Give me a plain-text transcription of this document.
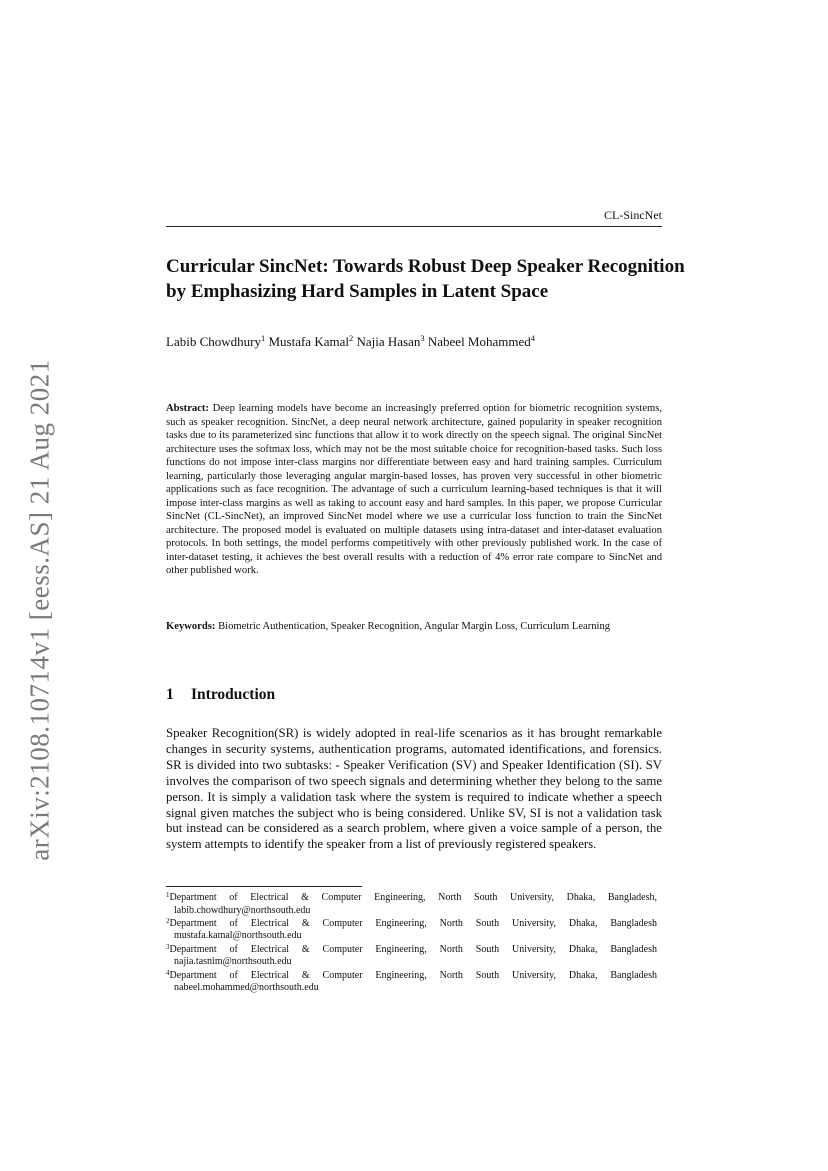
arXiv:2108.10714v1 [eess.AS] 21 Aug 2021
CL-SincNet
Curricular SincNet: Towards Robust Deep Speaker Recognition by Emphasizing Hard Samples in Latent Space
Labib Chowdhury$^1$ Mustafa Kamal$^2$ Najia Hasan$^3$ Nabeel Mohammed$^4$

Abstract: Deep learning models have become an increasingly preferred option for biometric recognition systems, such as speaker recognition. SincNet, a deep neural network architecture, gained popularity in speaker recognition tasks due to its parameterized sinc functions that allow it to work directly on the speech signal. The original SincNet architecture uses the softmax loss, which may not be the most suitable choice for recognition-based tasks. Such loss functions do not impose inter-class margins nor differentiate between easy and hard training samples. Curriculum learning, particularly those leveraging angular margin-based losses, has proven very successful in other biometric applications such as face recognition. The advantage of such a curriculum learning-based techniques is that it will impose inter-class margins as well as taking to account easy and hard samples. In this paper, we propose Curricular SincNet (CL-SincNet), an improved SincNet model where we use a curricular loss function to train the SincNet architecture. The proposed model is evaluated on multiple datasets using intra-dataset and inter-dataset evaluation protocols. In both settings, the model performs competitively with other previously published work. In the case of inter-dataset testing, it achieves the best overall results with a reduction of 4% error rate compare to SincNet and other published work.

Keywords: Biometric Authentication, Speaker Recognition, Angular Margin Loss, Curriculum Learning

1 Introduction

Speaker Recognition(SR) is widely adopted in real-life scenarios as it has brought remarkable changes in security systems, authentication programs, automated identifications, and forensics. SR is divided into two subtasks: - Speaker Verification (SV) and Speaker Identification (SI). SV involves the comparison of two speech signals and determining whether they belong to the same person. It is simply a validation task where the system is required to indicate whether a speech signal given matches the subject who is being considered. Unlike SV, SI is not a validation task but instead can be considered as a search problem, where given a voice sample of a person, the system attempts to identify the speaker from a list of previously registered speakers.

$^1$Department of Electrical & Computer Engineering, North South University, Dhaka, Bangladesh, labib.chowdhury@northsouth.edu

$^2$Department of Electrical & Computer Engineering, North South University, Dhaka, Bangladesh mustafa.kamal@northsouth.edu

$^3$Department of Electrical & Computer Engineering, North South University, Dhaka, Bangladesh najia.tasnim@northsouth.edu

$^4$Department of Electrical & Computer Engineering, North South University, Dhaka, Bangladesh nabeel.mohammed@northsouth.edu
